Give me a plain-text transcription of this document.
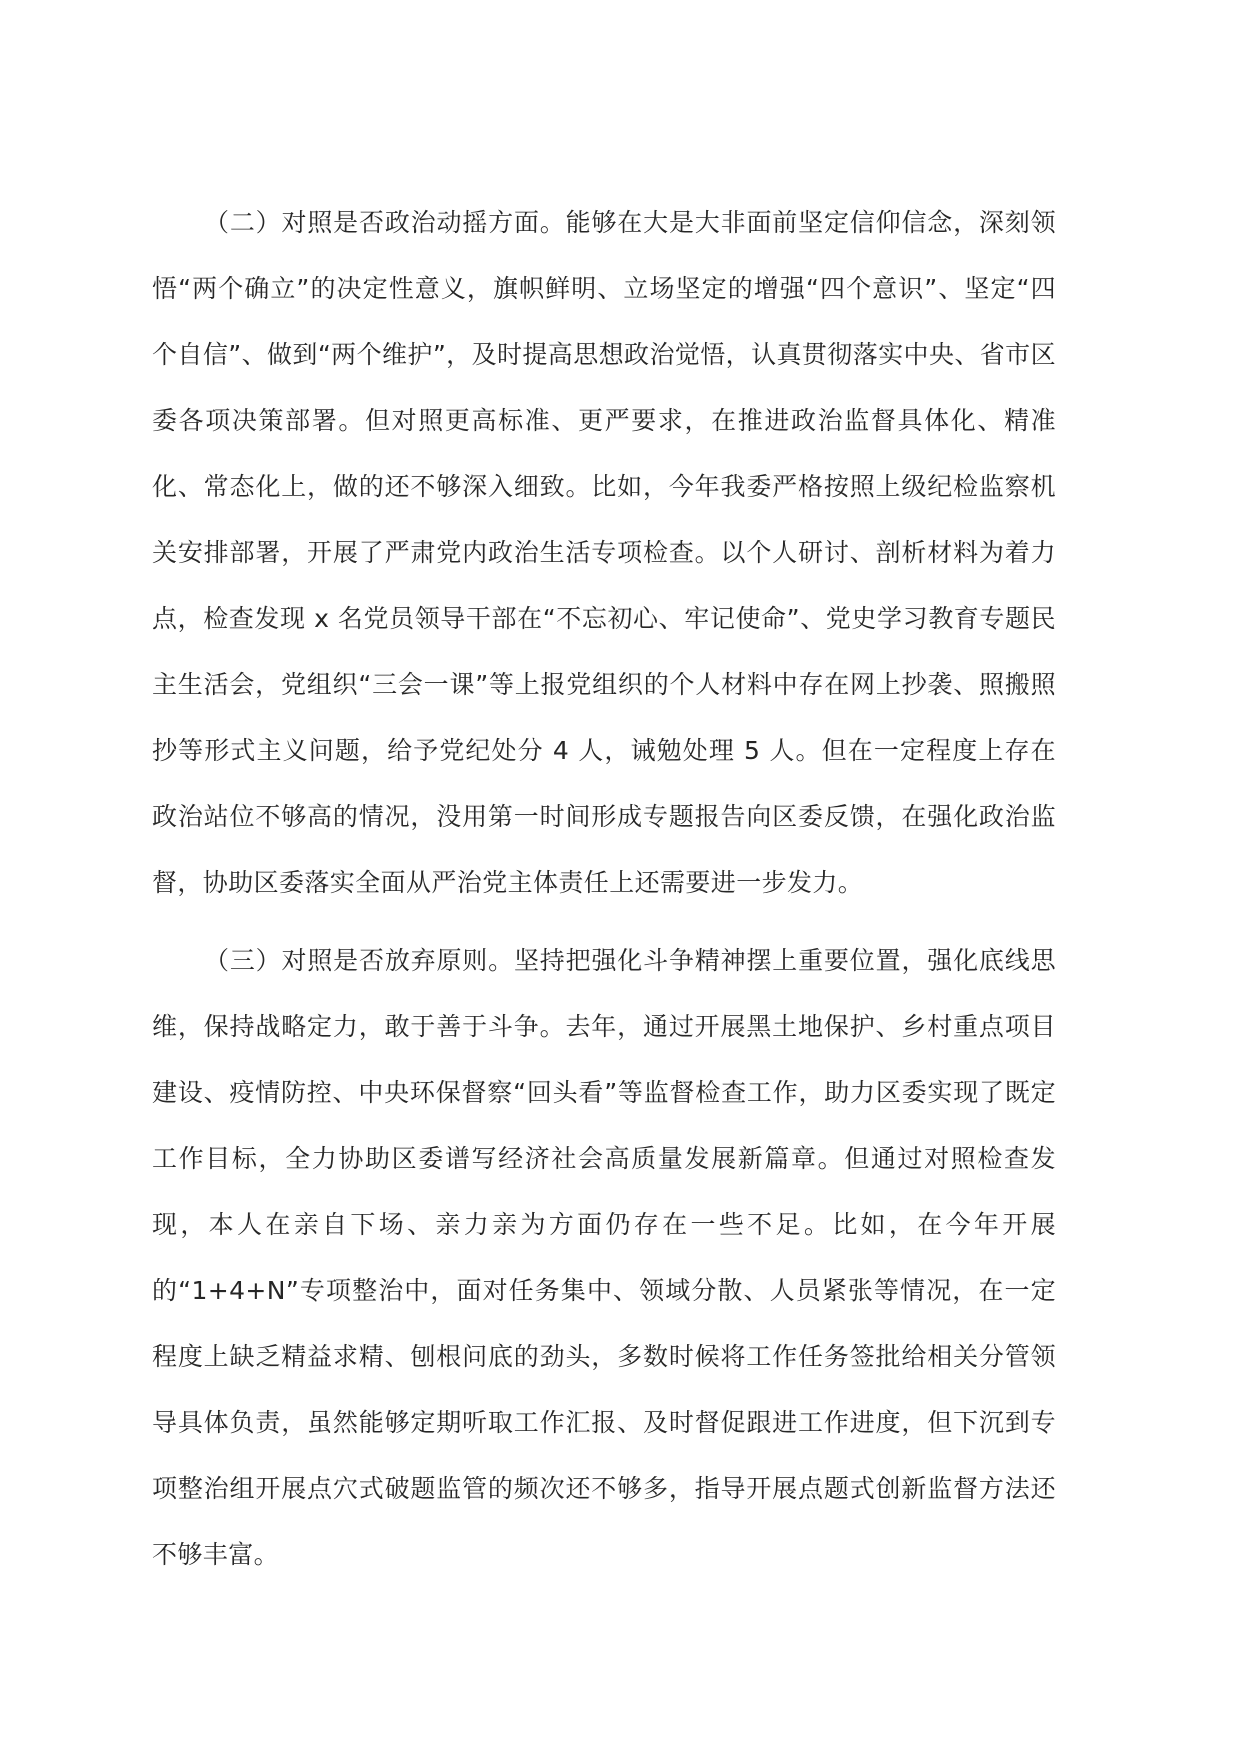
（二）对照是否政治动摇方面。能够在大是大非面前坚定信仰信念，深刻领悟“两个确立”的决定性意义，旗帜鲜明、立场坚定的增强“四个意识”、坚定“四个自信”、做到“两个维护”，及时提高思想政治觉悟，认真贯彻落实中央、省市区委各项决策部署。但对照更高标准、更严要求，在推进政治监督具体化、精准化、常态化上，做的还不够深入细致。比如，今年我委严格按照上级纪检监察机关安排部署，开展了严肃党内政治生活专项检查。以个人研讨、剖析材料为着力点，检查发现 x 名党员领导干部在“不忘初心、牢记使命”、党史学习教育专题民主生活会，党组织“三会一课”等上报党组织的个人材料中存在网上抄袭、照搬照抄等形式主义问题，给予党纪处分 4 人，诫勉处理 5 人。但在一定程度上存在政治站位不够高的情况，没用第一时间形成专题报告向区委反馈，在强化政治监督，协助区委落实全面从严治党主体责任上还需要进一步发力。

（三）对照是否放弃原则。坚持把强化斗争精神摆上重要位置，强化底线思维，保持战略定力，敢于善于斗争。去年，通过开展黑土地保护、乡村重点项目建设、疫情防控、中央环保督察“回头看”等监督检查工作，助力区委实现了既定工作目标，全力协助区委谱写经济社会高质量发展新篇章。但通过对照检查发现，本人在亲自下场、亲力亲为方面仍存在一些不足。比如，在今年开展的“1+4+N”专项整治中，面对任务集中、领域分散、人员紧张等情况，在一定程度上缺乏精益求精、刨根问底的劲头，多数时候将工作任务签批给相关分管领导具体负责，虽然能够定期听取工作汇报、及时督促跟进工作进度，但下沉到专项整治组开展点穴式破题监管的频次还不够多，指导开展点题式创新监督方法还不够丰富。
